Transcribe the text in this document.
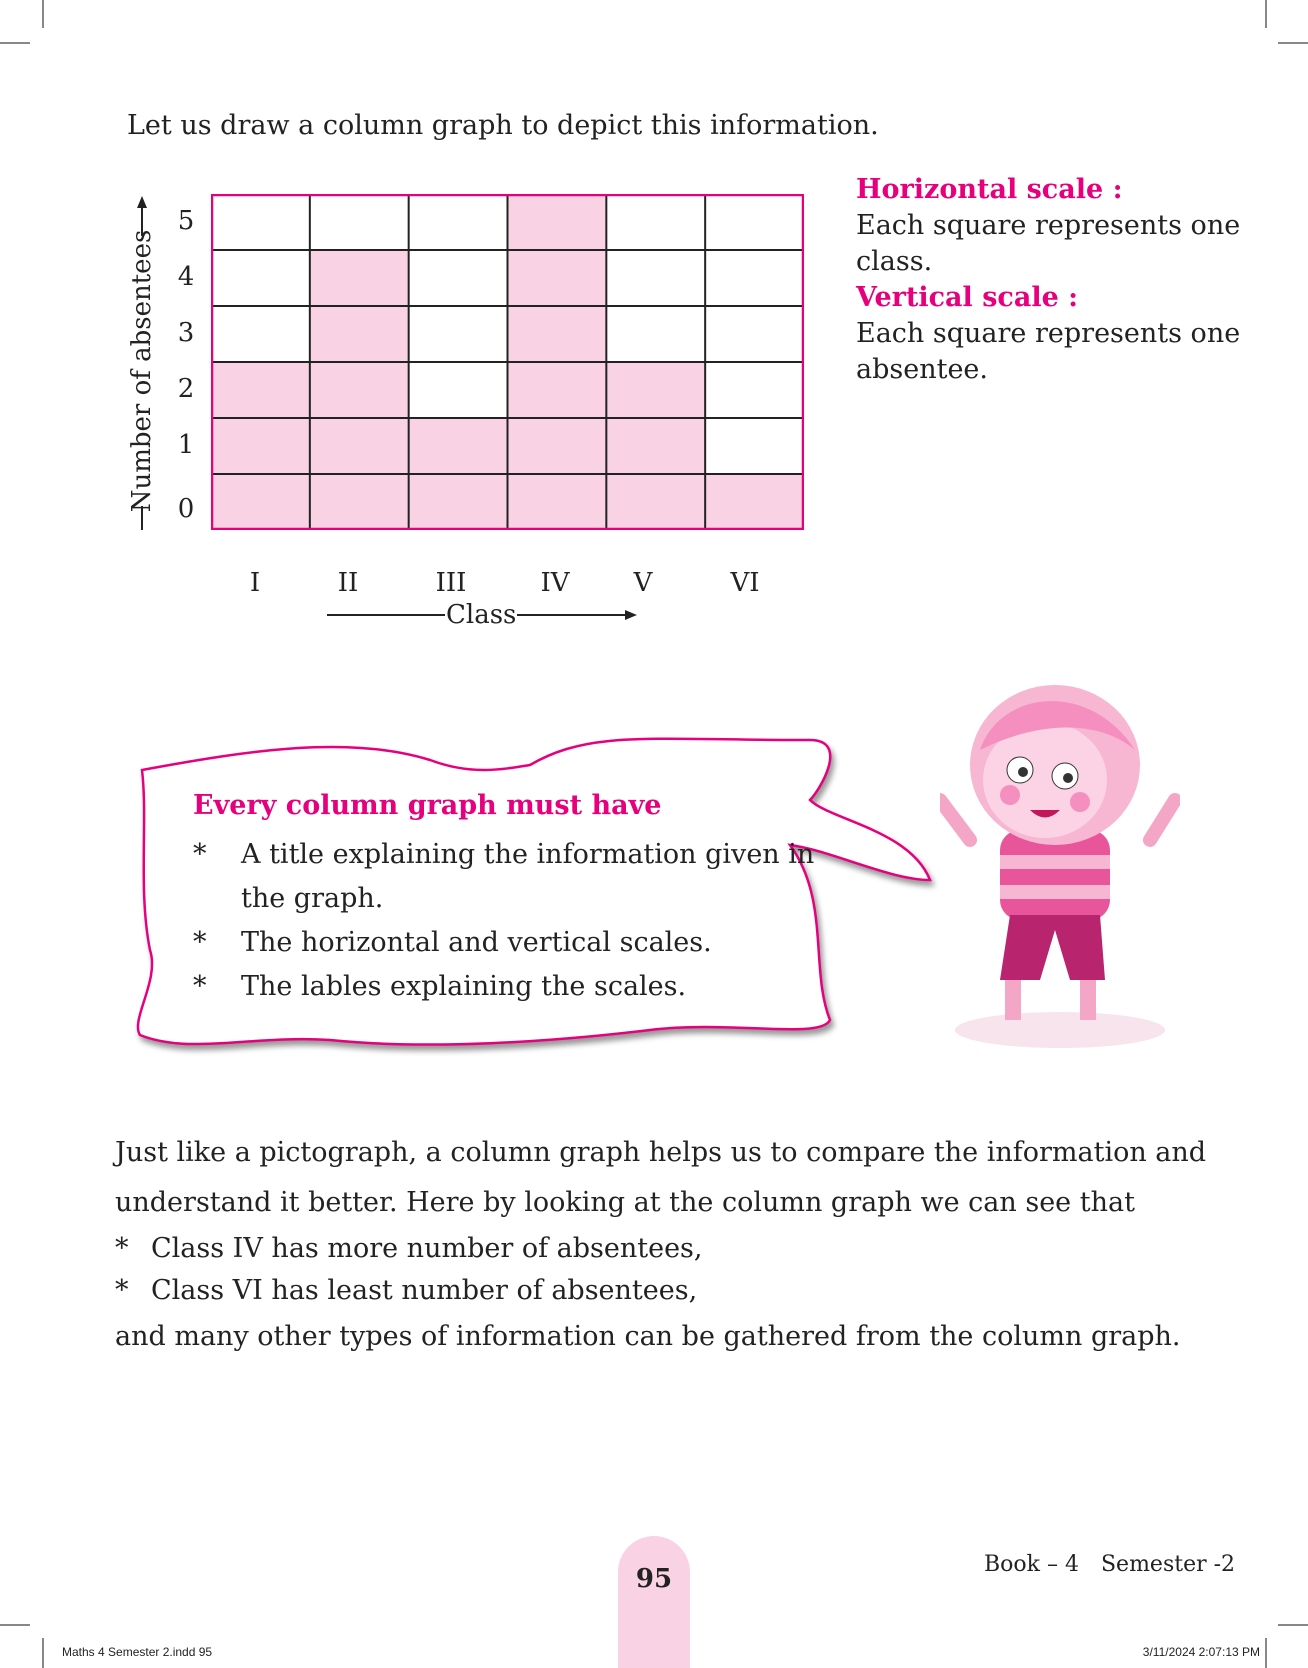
Let us draw a column graph to depict this information.
Number of absentees
Class
Horizontal scale :
Each square represents one
class.
Vertical scale :
Each square represents one
absentee.
Every column graph must have
* A title explaining the information given in
the graph.
* The horizontal and vertical scales.
* The lables explaining the scales.
Just like a pictograph, a column graph helps us to compare the information and
understand it better. Here by looking at the column graph we can see that
* Class IV has more number of absentees,
* Class VI has least number of absentees,
and many other types of information can be gathered from the column graph.
95	Book – 4 Semester -2
Maths 4 Semester 2.indd 95	3/11/2024 2:07:13 PM
0
1
2
3
4
5
I	II	III	IV	V	VI
